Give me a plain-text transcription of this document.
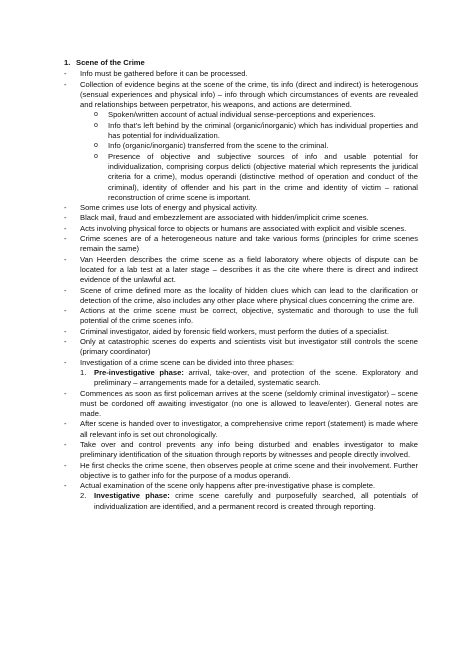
1. Scene of the Crime
- Info must be gathered before it can be processed.
- Collection of evidence begins at the scene of the crime, tis info (direct and indirect) is heterogenous (sensual experiences and physical info) – info through which circumstances of events are revealed and relationships between perpetrator, his weapons, and actions are determined.
o Spoken/written account of actual individual sense-perceptions and experiences.
o Info that's left behind by the criminal (organic/inorganic) which has individual properties and has potential for individualization.
o Info (organic/inorganic) transferred from the scene to the criminal.
o Presence of objective and subjective sources of info and usable potential for individualization, comprising corpus delicti (objective material which represents the juridical criteria for a crime), modus operandi (distinctive method of operation and conduct of the criminal), identity of offender and his part in the crime and identity of victim – rational reconstruction of crime scene is important.
- Some crimes use lots of energy and physical activity.
- Black mail, fraud and embezzlement are associated with hidden/implicit crime scenes.
- Acts involving physical force to objects or humans are associated with explicit and visible scenes.
- Crime scenes are of a heterogeneous nature and take various forms (principles for crime scenes remain the same)
- Van Heerden describes the crime scene as a field laboratory where objects of dispute can be located for a lab test at a later stage – describes it as the cite where there is direct and indirect evidence of the unlawful act.
- Scene of crime defined more as the locality of hidden clues which can lead to the clarification or detection of the crime, also includes any other place where physical clues concerning the crime are.
- Actions at the crime scene must be correct, objective, systematic and thorough to use the full potential of the crime scenes info.
- Criminal investigator, aided by forensic field workers, must perform the duties of a specialist.
- Only at catastrophic scenes do experts and scientists visit but investigator still controls the scene (primary coordinator)
- Investigation of a crime scene can be divided into three phases:
1. Pre-investigative phase: arrival, take-over, and protection of the scene. Exploratory and preliminary – arrangements made for a detailed, systematic search.
- Commences as soon as first policeman arrives at the scene (seldomly criminal investigator) – scene must be cordoned off awaiting investigator (no one is allowed to leave/enter). General notes are made.
- After scene is handed over to investigator, a comprehensive crime report (statement) is made where all relevant info is set out chronologically.
- Take over and control prevents any info being disturbed and enables investigator to make preliminary identification of the situation through reports by witnesses and people directly involved.
- He first checks the crime scene, then observes people at crime scene and their involvement. Further objective is to gather info for the purpose of a modus operandi.
- Actual examination of the scene only happens after pre-investigative phase is complete.
2. Investigative phase: crime scene carefully and purposefully searched, all potentials of individualization are identified, and a permanent record is created through reporting.
